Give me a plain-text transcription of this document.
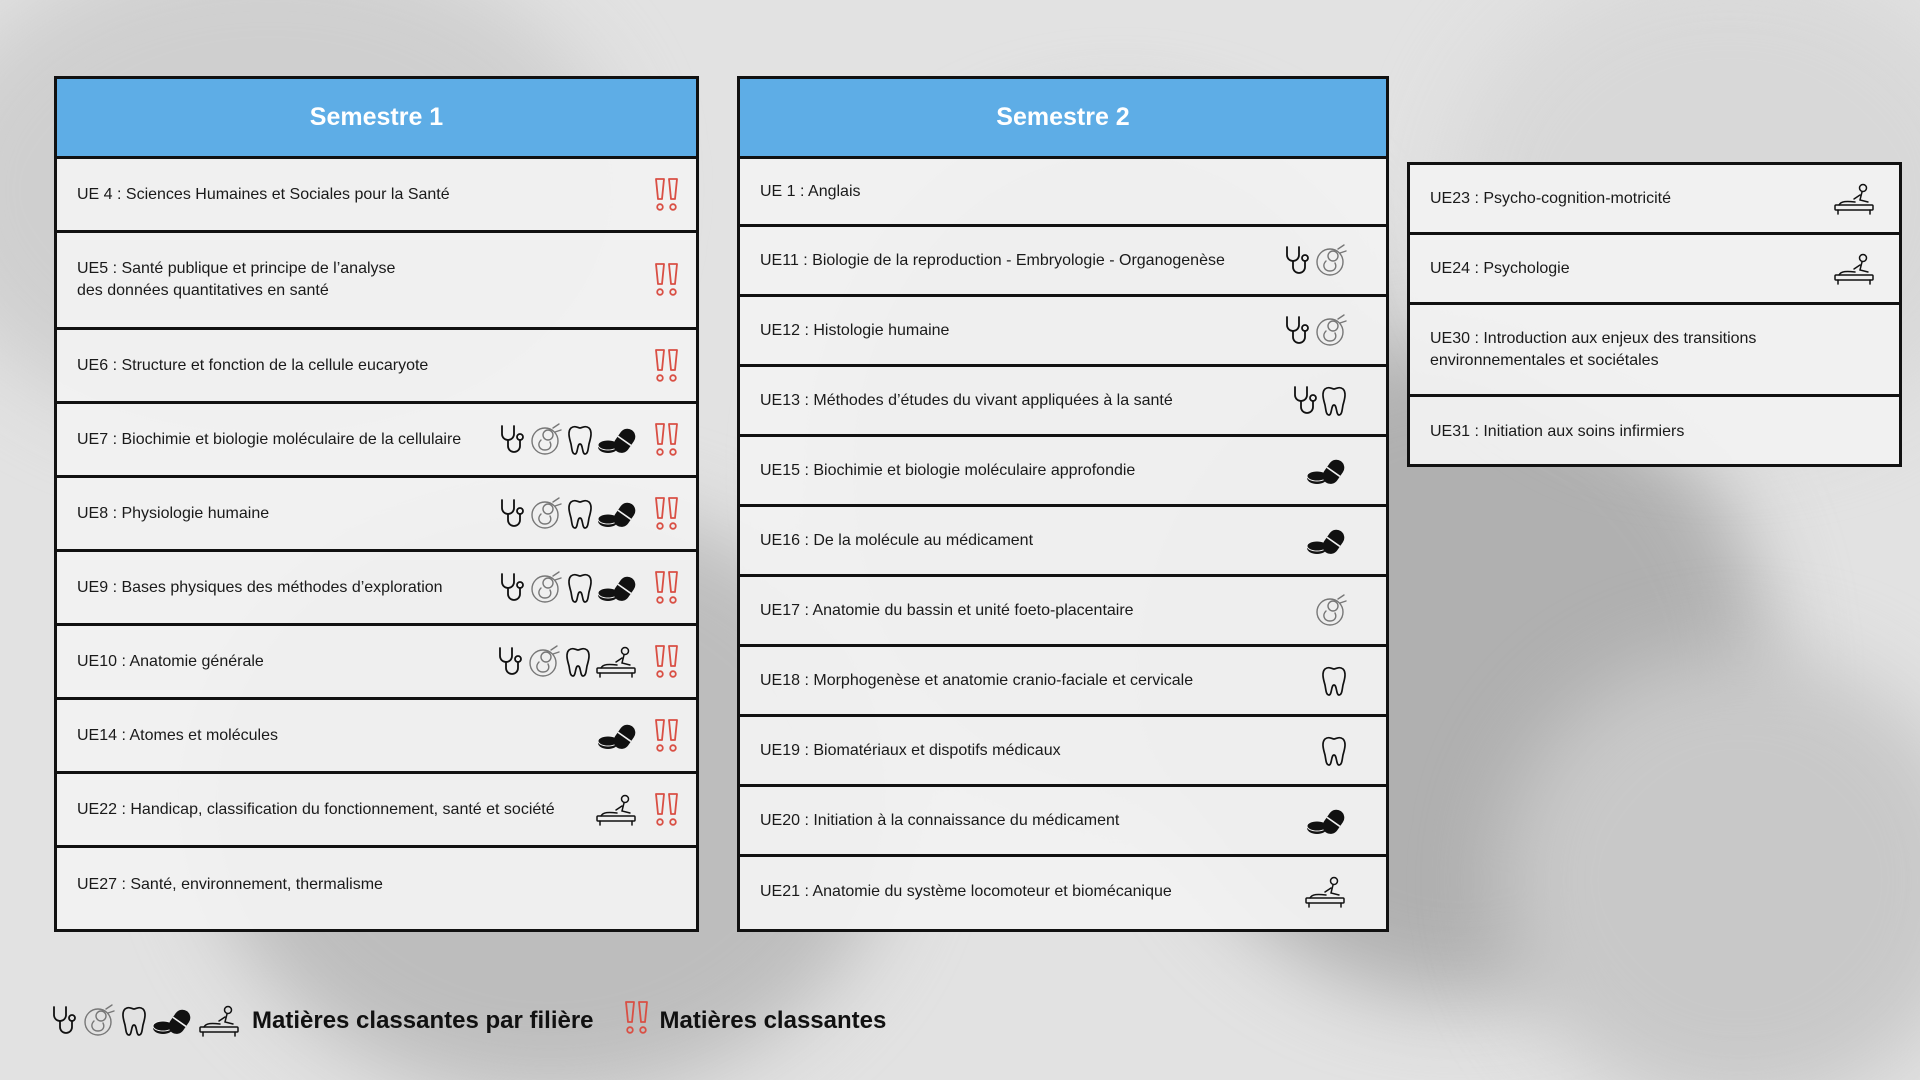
Semestre 1
UE 4 : Sciences Humaines et Sociales pour la Santé
UE5 : Santé publique et principe de l’analyse
des données quantitatives en santé
UE6 : Structure et fonction de la cellule eucaryote
UE7 : Biochimie et biologie moléculaire de la cellulaire
UE8 : Physiologie humaine
UE9 : Bases physiques des méthodes d’exploration
UE10 : Anatomie générale
UE14 : Atomes et molécules
UE22 : Handicap, classification du fonctionnement, santé et société
UE27 : Santé, environnement, thermalisme
Semestre 2
UE 1 : Anglais
UE11 : Biologie de la reproduction - Embryologie - Organogenèse
UE12 : Histologie humaine
UE13 : Méthodes d’études du vivant appliquées à la santé
UE15 : Biochimie et biologie moléculaire approfondie
UE16 : De la molécule au médicament
UE17 : Anatomie du bassin et unité foeto-placentaire
UE18 : Morphogenèse et anatomie cranio-faciale et cervicale
UE19 : Biomatériaux et dispotifs médicaux
UE20 : Initiation à la connaissance du médicament
UE21 : Anatomie du système locomoteur et biomécanique
UE23 : Psycho-cognition-motricité
UE24 : Psychologie
UE30 : Introduction aux enjeux des transitions
environnementales et sociétales
UE31 : Initiation aux soins infirmiers
Matières classantes par filière	Matières classantes
